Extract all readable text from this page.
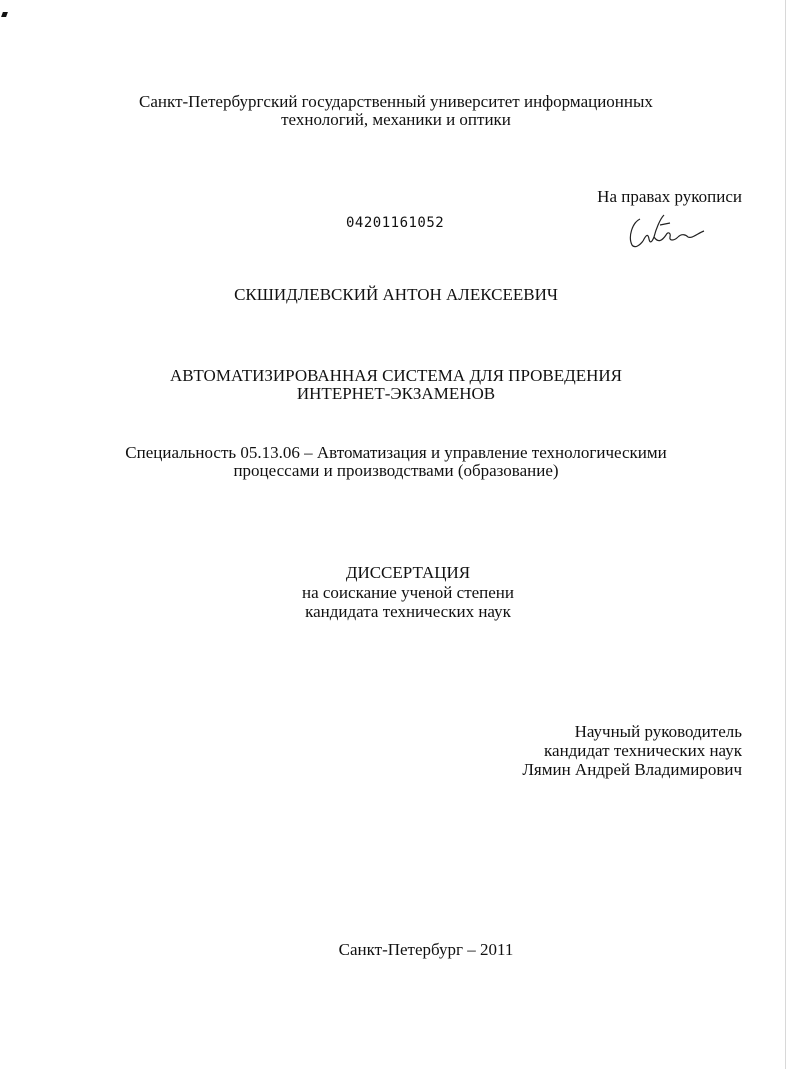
Санкт-Петербургский государственный университет информационных
технологий, механики и оптики
На правах рукописи
04201161052
СКШИДЛЕВСКИЙ АНТОН АЛЕКСЕЕВИЧ
АВТОМАТИЗИРОВАННАЯ СИСТЕМА ДЛЯ ПРОВЕДЕНИЯ
ИНТЕРНЕТ-ЭКЗАМЕНОВ
Специальность 05.13.06 – Автоматизация и управление технологическими
процессами и производствами (образование)
ДИССЕРТАЦИЯ
на соискание ученой степени
кандидата технических наук
Научный руководитель
кандидат технических наук
Лямин Андрей Владимирович
Санкт-Петербург – 2011
